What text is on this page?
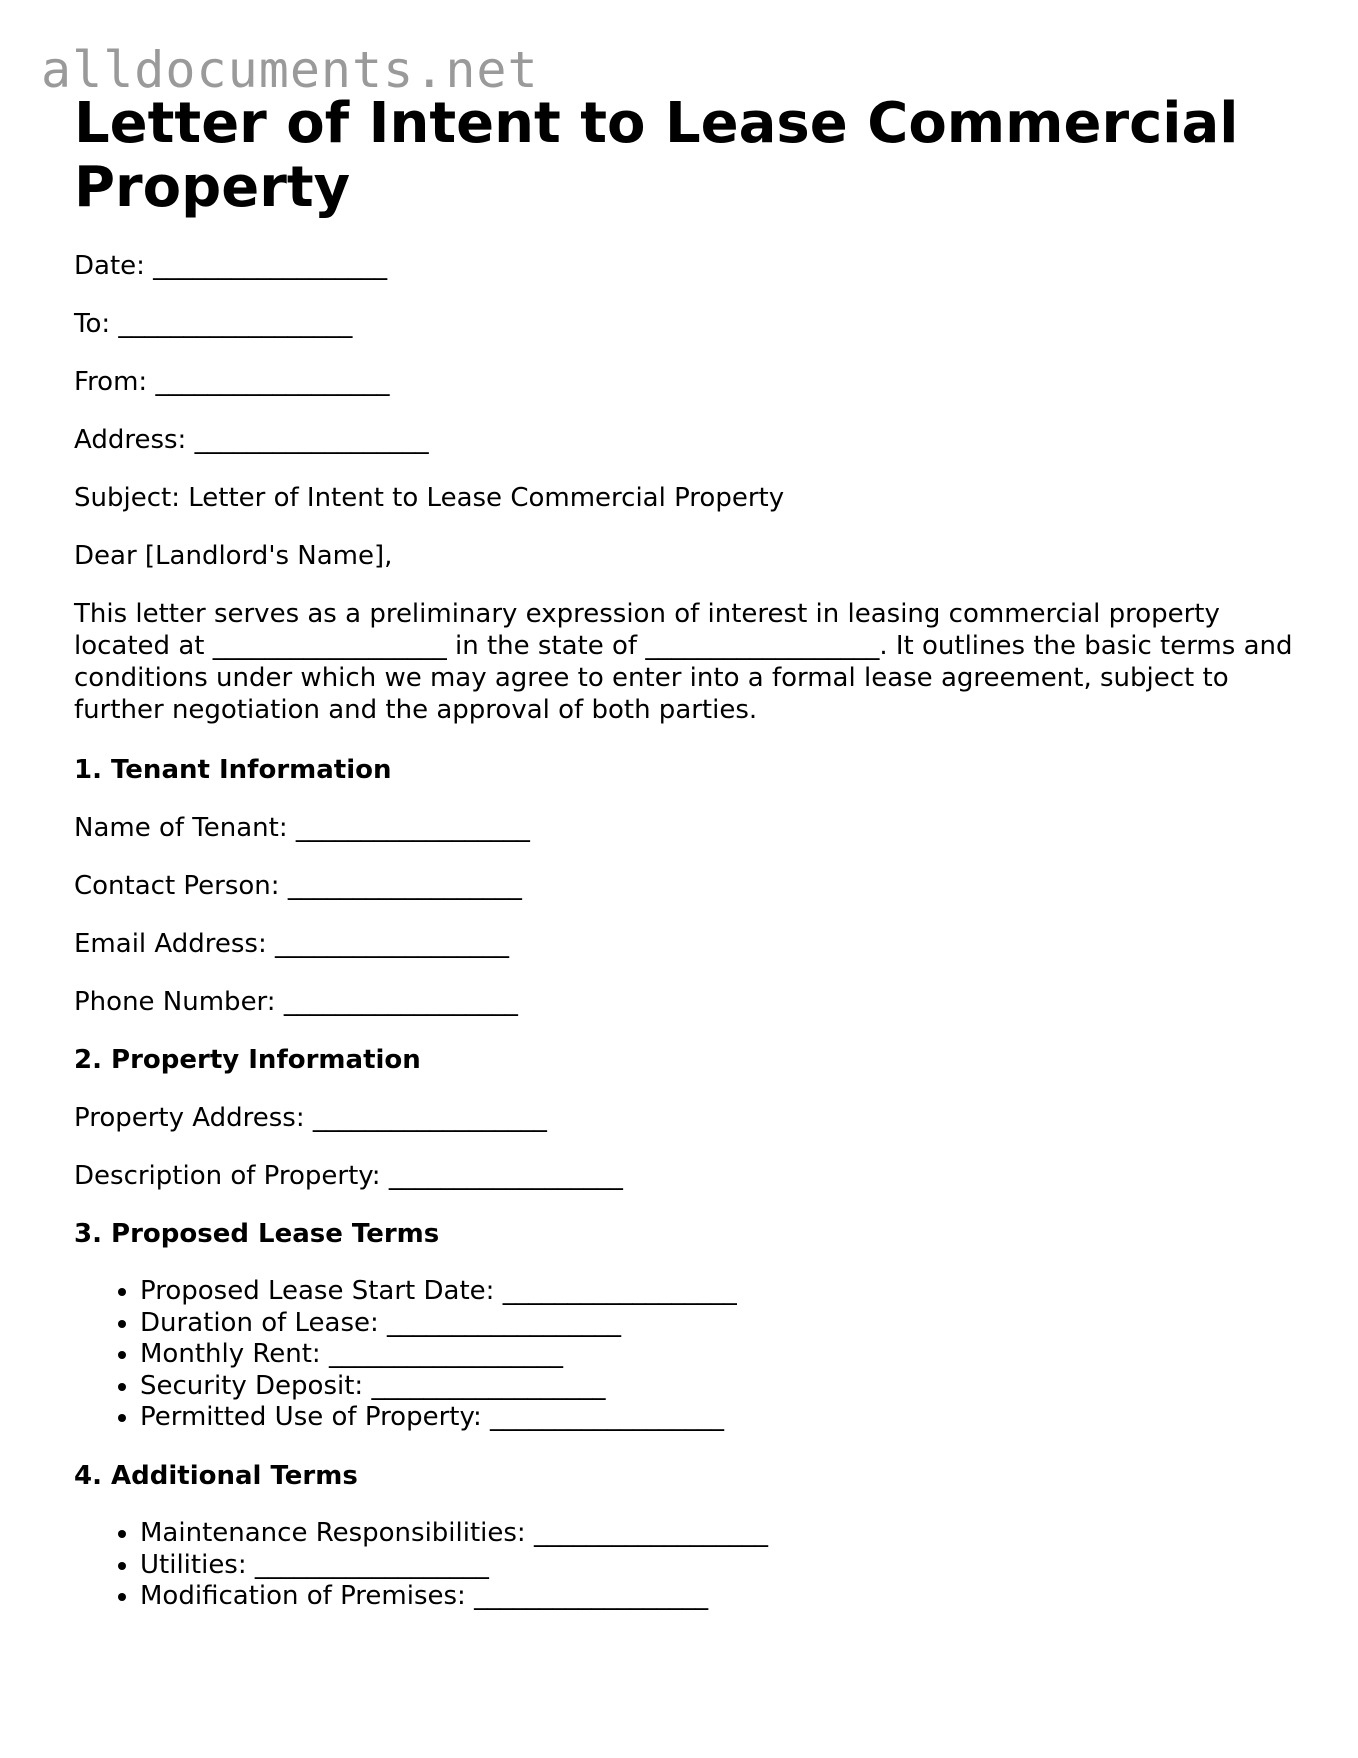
alldocuments.net
Letter of Intent to Lease Commercial Property

Date: __________________

To: __________________

From: __________________

Address: __________________

Subject: Letter of Intent to Lease Commercial Property

Dear [Landlord's Name],

This letter serves as a preliminary expression of interest in leasing commercial property located at __________________ in the state of __________________. It outlines the basic terms and conditions under which we may agree to enter into a formal lease agreement, subject to further negotiation and the approval of both parties.

1. Tenant Information

Name of Tenant: __________________

Contact Person: __________________

Email Address: __________________

Phone Number: __________________

2. Property Information

Property Address: __________________

Description of Property: __________________

3. Proposed Lease Terms
• Proposed Lease Start Date: __________________
• Duration of Lease: __________________
• Monthly Rent: __________________
• Security Deposit: __________________
• Permitted Use of Property: __________________
4. Additional Terms
• Maintenance Responsibilities: __________________
• Utilities: __________________
• Modification of Premises: __________________
